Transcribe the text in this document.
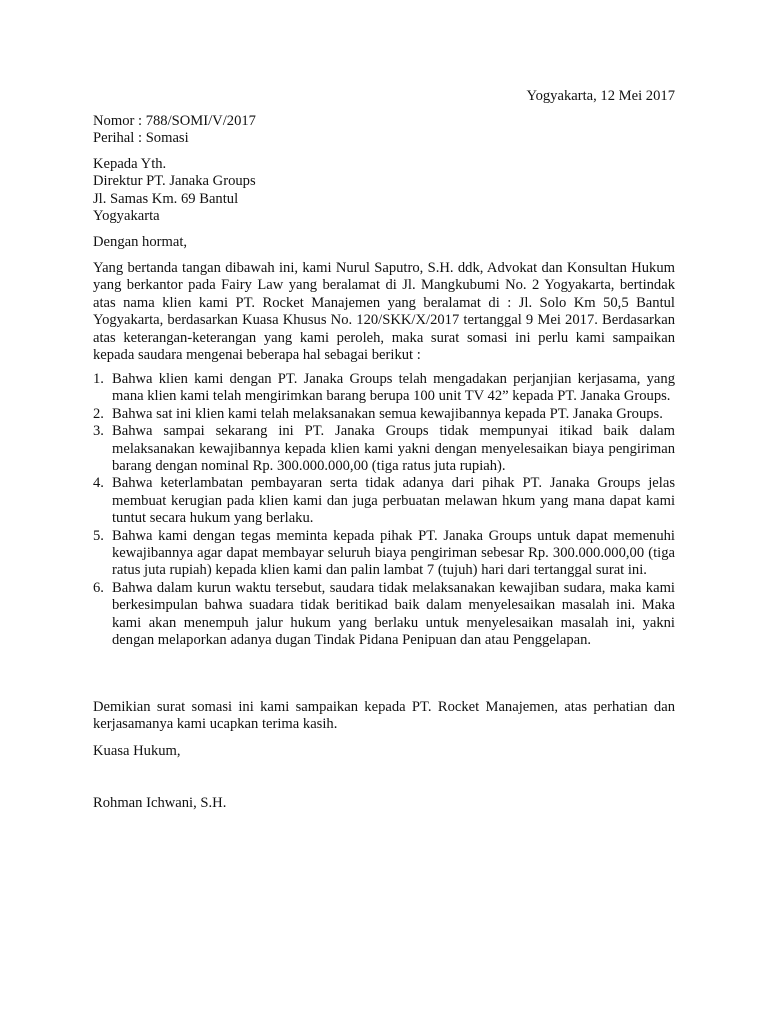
Yogyakarta, 12 Mei 2017
Nomor : 788/SOMI/V/2017
Perihal : Somasi
Kepada Yth.
Direktur PT. Janaka Groups
Jl. Samas Km. 69 Bantul
Yogyakarta
Dengan hormat,
Yang bertanda tangan dibawah ini, kami Nurul Saputro, S.H. ddk, Advokat dan Konsultan Hukum yang berkantor pada Fairy Law yang beralamat di Jl. Mangkubumi No. 2 Yogyakarta, bertindak atas nama klien kami PT. Rocket Manajemen yang beralamat di : Jl. Solo Km 50,5 Bantul Yogyakarta, berdasarkan Kuasa Khusus No. 120/SKK/X/2017 tertanggal 9 Mei 2017. Berdasarkan atas keterangan-keterangan yang kami peroleh, maka surat somasi ini perlu kami sampaikan kepada saudara mengenai beberapa hal sebagai berikut :
1. Bahwa klien kami dengan PT. Janaka Groups telah mengadakan perjanjian kerjasama, yang mana klien kami telah mengirimkan barang berupa 100 unit TV 42” kepada PT. Janaka Groups.
2. Bahwa sat ini klien kami telah melaksanakan semua kewajibannya kepada PT. Janaka Groups.
3. Bahwa sampai sekarang ini PT. Janaka Groups tidak mempunyai itikad baik dalam melaksanakan kewajibannya kepada klien kami yakni dengan menyelesaikan biaya pengiriman barang dengan nominal Rp. 300.000.000,00 (tiga ratus juta rupiah).
4. Bahwa keterlambatan pembayaran serta tidak adanya dari pihak PT. Janaka Groups jelas membuat kerugian pada klien kami dan juga perbuatan melawan hkum yang mana dapat kami tuntut secara hukum yang berlaku.
5. Bahwa kami dengan tegas meminta kepada pihak PT. Janaka Groups untuk dapat memenuhi kewajibannya agar dapat membayar seluruh biaya pengiriman sebesar Rp. 300.000.000,00 (tiga ratus juta rupiah) kepada klien kami dan palin lambat 7 (tujuh) hari dari tertanggal surat ini.
6. Bahwa dalam kurun waktu tersebut, saudara tidak melaksanakan kewajiban sudara, maka kami berkesimpulan bahwa suadara tidak beritikad baik dalam menyelesaikan masalah ini. Maka kami akan menempuh jalur hukum yang berlaku untuk menyelesaikan masalah ini, yakni dengan melaporkan adanya dugan Tindak Pidana Penipuan dan atau Penggelapan.
Demikian surat somasi ini kami sampaikan kepada PT. Rocket Manajemen, atas perhatian dan kerjasamanya kami ucapkan terima kasih.
Kuasa Hukum,
Rohman Ichwani, S.H.
